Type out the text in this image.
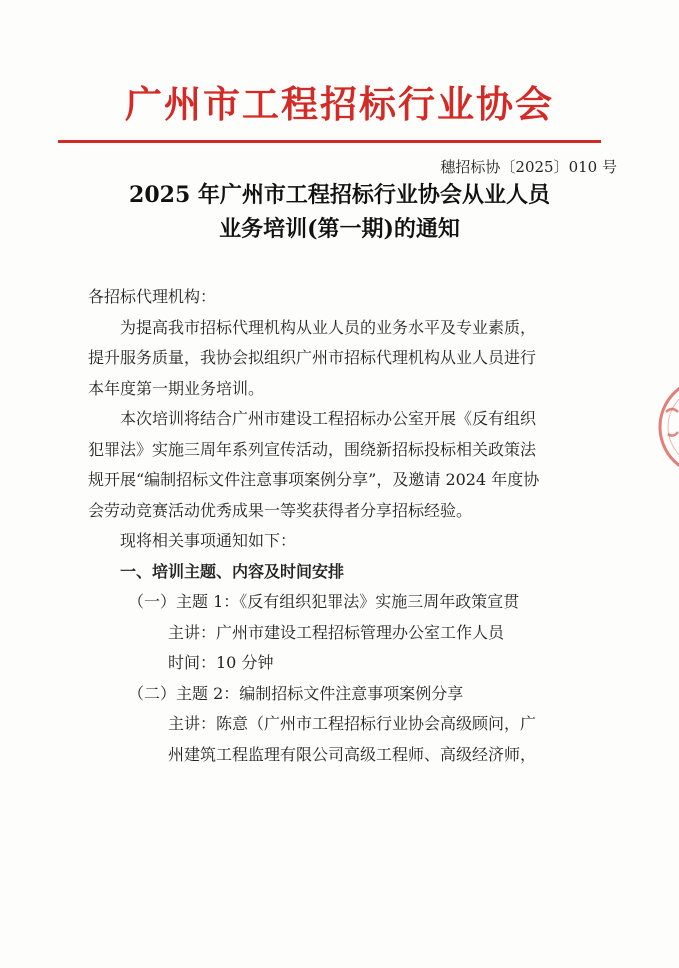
广州市工程招标行业协会
穗招标协〔2025〕010 号
2025 年广州市工程招标行业协会从业人员
业务培训(第一期)的通知

各招标代理机构：

为提高我市招标代理机构从业人员的业务水平及专业素质，

提升服务质量，我协会拟组织广州市招标代理机构从业人员进行

本年度第一期业务培训。

本次培训将结合广州市建设工程招标办公室开展《反有组织

犯罪法》实施三周年系列宣传活动，围绕新招标投标相关政策法

规开展“编制招标文件注意事项案例分享”，及邀请 2024 年度协

会劳动竞赛活动优秀成果一等奖获得者分享招标经验。

现将相关事项通知如下：

一、培训主题、内容及时间安排

（一）主题 1：《反有组织犯罪法》实施三周年政策宣贯

主讲：广州市建设工程招标管理办公室工作人员

时间：10 分钟

（二）主题 2：编制招标文件注意事项案例分享

主讲：陈意（广州市工程招标行业协会高级顾问，广

州建筑工程监理有限公司高级工程师、高级经济师，
